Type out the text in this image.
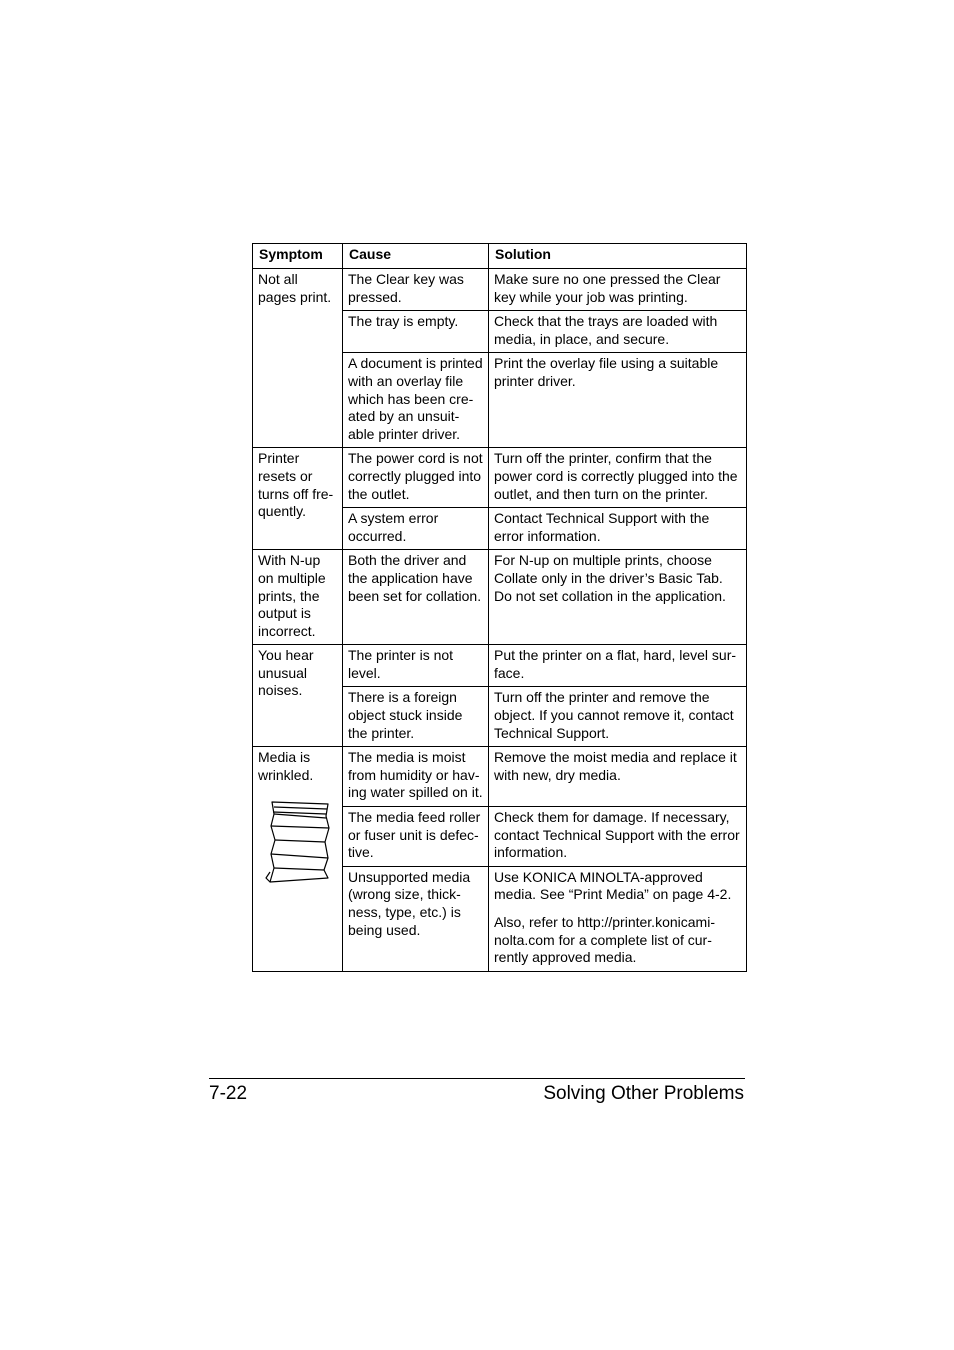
Symptom	Cause	Solution

Not all pages print.	The Clear key was pressed.	Make sure no one pressed the Clear key while your job was printing.

	The tray is empty.	Check that the trays are loaded with media, in place, and secure.

	A document is printed with an overlay file which has been cre-ated by an unsuit-able printer driver.	Print the overlay file using a suitable printer driver.

Printer resets or turns off fre-quently.	The power cord is not correctly plugged into the outlet.	Turn off the printer, confirm that the power cord is correctly plugged into the outlet, and then turn on the printer.

	A system error occurred.	Contact Technical Support with the error information.

With N-up on multiple prints, the output is incorrect.	Both the driver and the application have been set for collation.	For N-up on multiple prints, choose Collate only in the driver’s Basic Tab. Do not set collation in the application.

You hear unusual noises.	The printer is not level.	Put the printer on a flat, hard, level sur-face.

	There is a foreign object stuck inside the printer.	Turn off the printer and remove the object. If you cannot remove it, contact Technical Support.

Media is wrinkled.	The media is moist from humidity or hav-ing water spilled on it.	Remove the moist media and replace it with new, dry media.

	The media feed roller or fuser unit is defec-tive.	Check them for damage. If necessary, contact Technical Support with the error information.

	Unsupported media (wrong size, thick-ness, type, etc.) is being used.	Use KONICA MINOLTA-approved media. See “Print Media” on page 4-2.
Also, refer to http://printer.konicami-nolta.com for a complete list of cur-rently approved media.
7-22	Solving Other Problems
